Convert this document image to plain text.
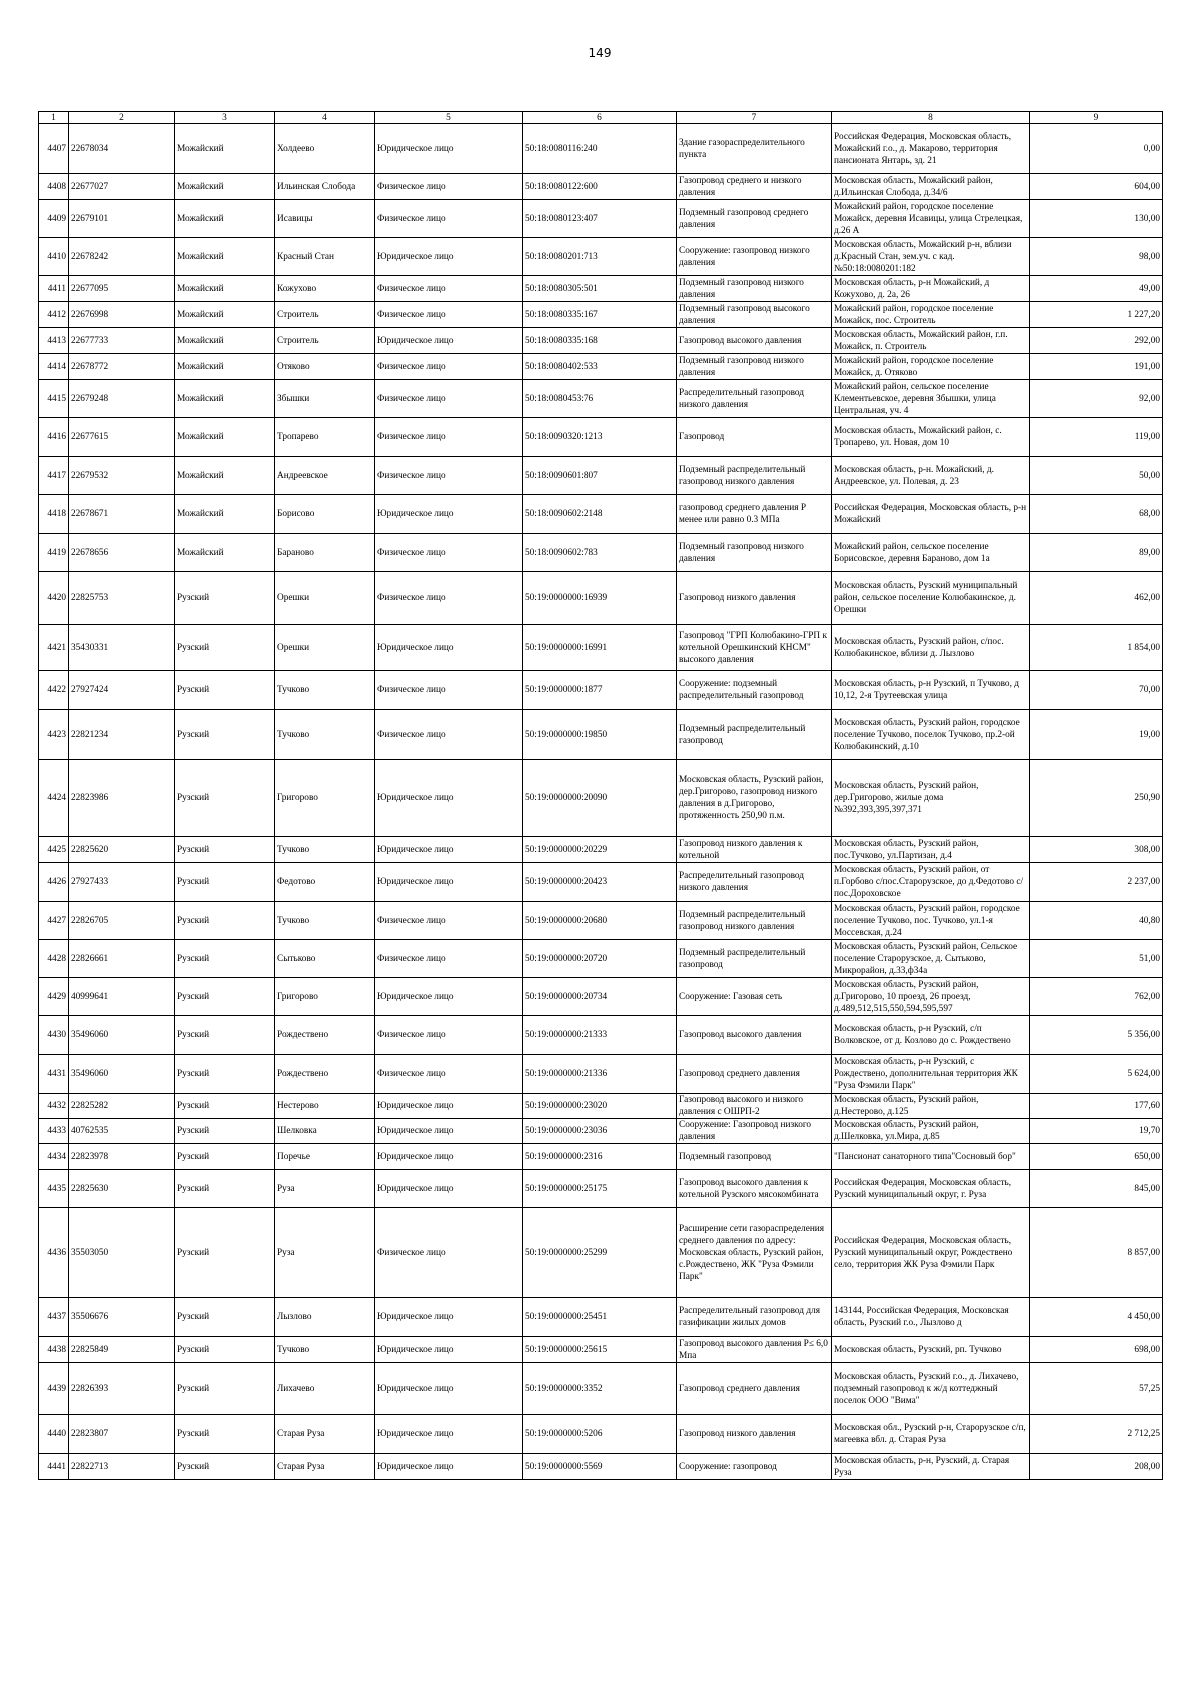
149
1	2	3	4	5	6	7	8	9
4407	22678034	Можайский	Холдеево	Юридическое лицо	50:18:0080116:240	Здание газораспределительного пункта	Российская Федерация, Московская область, Можайский г.о., д. Макарово, территория пансионата Янтарь, зд. 21	0,00
4408	22677027	Можайский	Ильинская Слобода	Физическое лицо	50:18:0080122:600	Газопровод среднего и низкого давления	Московская область, Можайский район, д.Ильинская Слобода, д.34/6	604,00
4409	22679101	Можайский	Исавицы	Физическое лицо	50:18:0080123:407	Подземный газопровод среднего давления	Можайский район, городское поселение Можайск, деревня Исавицы, улица Стрелецкая, д.26 А	130,00
4410	22678242	Можайский	Красный Стан	Юридическое лицо	50:18:0080201:713	Сооружение: газопровод низкого давления	Московская область, Можайский р-н, вблизи д.Красный Стан, зем.уч. с кад.№50:18:0080201:182	98,00
4411	22677095	Можайский	Кожухово	Физическое лицо	50:18:0080305:501	Подземный газопровод низкого давления	Московская область, р-н Можайский, д Кожухово, д. 2а, 26	49,00
4412	22676998	Можайский	Строитель	Физическое лицо	50:18:0080335:167	Подземный газопровод высокого давления	Можайский район, городское поселение Можайск, пос. Строитель	1 227,20
4413	22677733	Можайский	Строитель	Юридическое лицо	50:18:0080335:168	Газопровод высокого давления	Московская область, Можайский район, г.п. Можайск, п. Строитель	292,00
4414	22678772	Можайский	Отяково	Физическое лицо	50:18:0080402:533	Подземный газопровод низкого давления	Можайский район, городское поселение Можайск, д. Отяково	191,00
4415	22679248	Можайский	Збышки	Физическое лицо	50:18:0080453:76	Распределительный газопровод низкого давления	Можайский район, сельское поселение Клементьевское, деревня Збышки, улица Центральная, уч. 4	92,00
4416	22677615	Можайский	Тропарево	Физическое лицо	50:18:0090320:1213	Газопровод	Московская область, Можайский район, с. Тропарево, ул. Новая, дом 10	119,00
4417	22679532	Можайский	Андреевское	Физическое лицо	50:18:0090601:807	Подземный распределительный газопровод низкого давления	Московская область, р-н. Можайский, д. Андреевское, ул. Полевая, д. 23	50,00
4418	22678671	Можайский	Борисово	Юридическое лицо	50:18:0090602:2148	газопровод среднего давления Р менее или равно 0.3 МПа	Российская Федерация, Московская область, р-н Можайский	68,00
4419	22678656	Можайский	Бараново	Физическое лицо	50:18:0090602:783	Подземный газопровод низкого давления	Можайский район, сельское поселение Борисовское, деревня Бараново, дом 1а	89,00
4420	22825753	Рузский	Орешки	Физическое лицо	50:19:0000000:16939	Газопровод низкого давления	Московская область, Рузский муниципальный район, сельское поселение Колюбакинское, д. Орешки	462,00
4421	35430331	Рузский	Орешки	Юридическое лицо	50:19:0000000:16991	Газопровод "ГРП Колюбакино-ГРП к котельной Орешкинский КНСМ" высокого давления	Московская область, Рузский район, с/пос. Колюбакинское, вблизи д. Лызлово	1 854,00
4422	27927424	Рузский	Тучково	Физическое лицо	50:19:0000000:1877	Сооружение: подземный распределительный газопровод	Московская область, р-н Рузский, п Тучково, д 10,12, 2-я Трутеевская улица	70,00
4423	22821234	Рузский	Тучково	Физическое лицо	50:19:0000000:19850	Подземный распределительный газопровод	Московская область, Рузский район, городское поселение Тучково, поселок Тучково, пр.2-ой Колюбакинский, д.10	19,00
4424	22823986	Рузский	Григорово	Юридическое лицо	50:19:0000000:20090	Московская область, Рузский район, дер.Григорово, газопровод низкого давления в д.Григорово, протяженность 250,90 п.м.	Московская область, Рузский район, дер.Григорово, жилые дома №392,393,395,397,371	250,90
4425	22825620	Рузский	Тучково	Юридическое лицо	50:19:0000000:20229	Газопровод низкого давления к котельной	Московская область, Рузский район, пос.Тучково, ул.Партизан, д.4	308,00
4426	27927433	Рузский	Федотово	Юридическое лицо	50:19:0000000:20423	Распределительный газопровод низкого давления	Московская область, Рузский район, от п.Горбово с/пос.Старорузское, до д.Федотово с/пос.Дороховское	2 237,00
4427	22826705	Рузский	Тучково	Физическое лицо	50:19:0000000:20680	Подземный распределительный газопровод низкого давления	Московская область, Рузский район, городское поселение Тучково, пос. Тучково, ул.1-я Моссевская, д.24	40,80
4428	22826661	Рузский	Сытьково	Физическое лицо	50:19:0000000:20720	Подземный распределительный газопровод	Московская область, Рузский район, Сельское поселение Старорузское, д. Сытьково, Микрорайон, д.33,ф34а	51,00
4429	40999641	Рузский	Григорово	Юридическое лицо	50:19:0000000:20734	Сооружение: Газовая сеть	Московская область, Рузский район, д.Григорово, 10 проезд, 26 проезд, д.489,512,515,550,594,595,597	762,00
4430	35496060	Рузский	Рождествено	Физическое лицо	50:19:0000000:21333	Газопровод высокого давления	Московская область, р-н Рузский, с/п Волковское, от д. Козлово до с. Рождествено	5 356,00
4431	35496060	Рузский	Рождествено	Физическое лицо	50:19:0000000:21336	Газопровод среднего давления	Московская область, р-н Рузский, с Рождествено, дополнительная территория ЖК "Руза Фэмили Парк"	5 624,00
4432	22825282	Рузский	Нестерово	Юридическое лицо	50:19:0000000:23020	Газопровод высокого и низкого давления с ОШРП-2	Московская область, Рузский район, д.Нестерово, д.125	177,60
4433	40762535	Рузский	Шелковка	Юридическое лицо	50:19:0000000:23036	Сооружение: Газопровод низкого давления	Московская область, Рузский район, д.Шелковка, ул.Мира, д.85	19,70
4434	22823978	Рузский	Поречье	Юридическое лицо	50:19:0000000:2316	Подземный газопровод	"Пансионат санаторного типа"Сосновый бор"	650,00
4435	22825630	Рузский	Руза	Юридическое лицо	50:19:0000000:25175	Газопровод высокого давления к котельной Рузского мясокомбината	Российская Федерация, Московская область, Рузский муниципальный округ, г. Руза	845,00
4436	35503050	Рузский	Руза	Физическое лицо	50:19:0000000:25299	Расширение сети газораспределения среднего давления по адресу: Московская область, Рузский район, с.Рождествено, ЖК "Руза Фэмили Парк"	Российская Федерация, Московская область, Рузский муниципальный округ, Рождествено село, территория ЖК Руза Фэмили Парк	8 857,00
4437	35506676	Рузский	Лызлово	Юридическое лицо	50:19:0000000:25451	Распределительный газопровод для газификации жилых домов	143144, Российская Федерация, Московская область, Рузский г.о., Лызлово д	4 450,00
4438	22825849	Рузский	Тучково	Юридическое лицо	50:19:0000000:25615	Газопровод высокого давления Р≤ 6,0 Мпа	Московская область, Рузский, рп. Тучково	698,00
4439	22826393	Рузский	Лихачево	Юридическое лицо	50:19:0000000:3352	Газопровод среднего давления	Московская область, Рузский г.о., д. Лихачево, подземный газопровод к ж/д коттеджный поселок ООО "Вима"	57,25
4440	22823807	Рузский	Старая Руза	Юридическое лицо	50:19:0000000:5206	Газопровод низкого давления	Московская обл., Рузский р-н, Старорузское с/п, магеевка вбл. д. Старая Руза	2 712,25
4441	22822713	Рузский	Старая Руза	Юридическое лицо	50:19:0000000:5569	Сооружение: газопровод	Московская область, р-н, Рузский, д. Старая Руза	208,00
